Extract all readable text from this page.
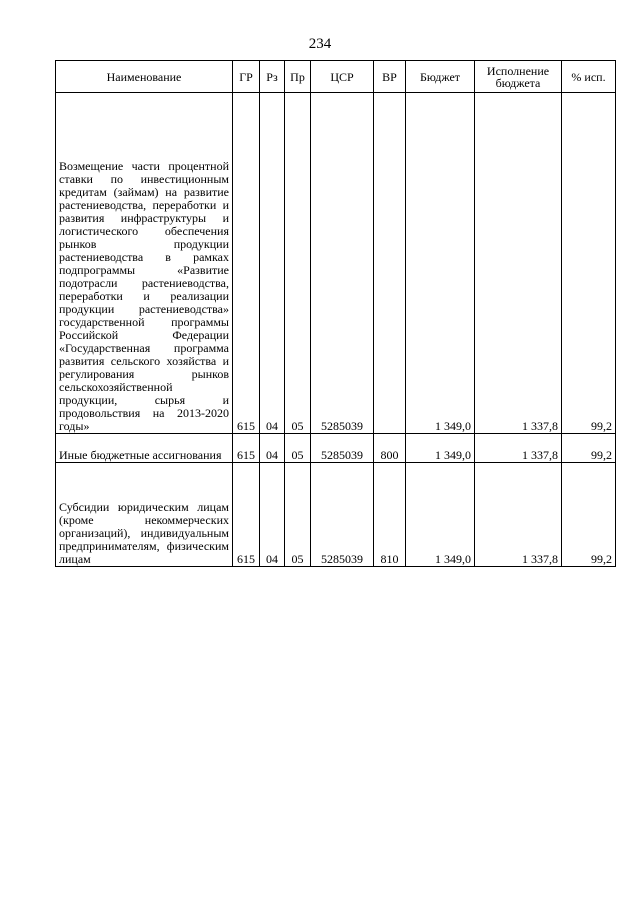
234
Наименование	ГР	Рз	Пр	ЦСР	ВР	Бюджет	Исполнение бюджета	% исп.
Возмещение части процентной ставки по инвестиционным кредитам (займам) на развитие растениеводства, переработки и развития инфраструктуры и логистического обеспечения рынков продукции растениеводства в рамках подпрограммы «Развитие подотрасли растениеводства, переработки и реализации продукции растениеводства» государственной программы Российской Федерации «Государственная программа развития сельского хозяйства и регулирования рынков сельскохозяйственной продукции, сырья и продовольствия на 2013-2020 годы»	615	04	05	5285039		1 349,0	1 337,8	99,2
Иные бюджетные ассигнования	615	04	05	5285039	800	1 349,0	1 337,8	99,2
Субсидии юридическим лицам (кроме некоммерческих организаций), индивидуальным предпринимателям, физическим лицам	615	04	05	5285039	810	1 349,0	1 337,8	99,2
